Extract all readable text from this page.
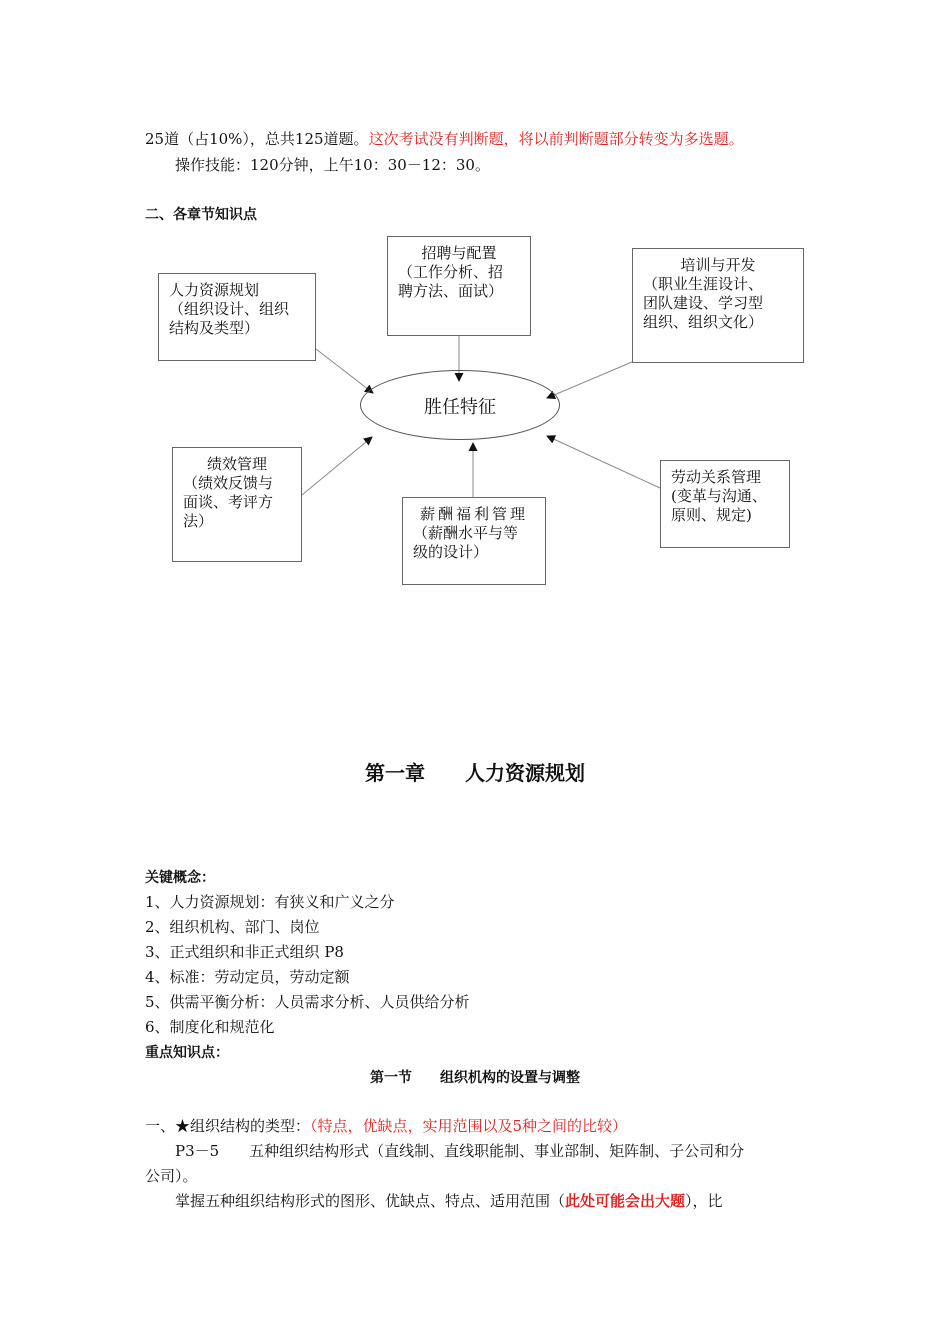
25道（占10%），总共125道题。这次考试没有判断题，将以前判断题部分转变为多选题。
操作技能：120分钟，上午10：30－12：30。
二、各章节知识点
人力资源规划
（组织设计、组织
结构及类型）
招聘与配置
（工作分析、招
聘方法、面试）
培训与开发
（职业生涯设计、
团队建设、学习型
组织、组织文化）
绩效管理
（绩效反馈与
面谈、考评方
法）	薪酬福利管理
（薪酬水平与等
级的设计）
劳动关系管理
(变革与沟通、
原则、规定)
胜任特征
第一章　　人力资源规划
关键概念：
1、人力资源规划：有狭义和广义之分
2、组织机构、部门、岗位
3、正式组织和非正式组织 P8
4、标准：劳动定员，劳动定额
5、供需平衡分析：人员需求分析、人员供给分析
6、制度化和规范化
重点知识点：
第一节　　组织机构的设置与调整
一、★组织结构的类型：（特点，优缺点，实用范围以及5种之间的比较）
P3－5　　五种组织结构形式（直线制、直线职能制、事业部制、矩阵制、子公司和分
公司）。
掌握五种组织结构形式的图形、优缺点、特点、适用范围（此处可能会出大题），比
